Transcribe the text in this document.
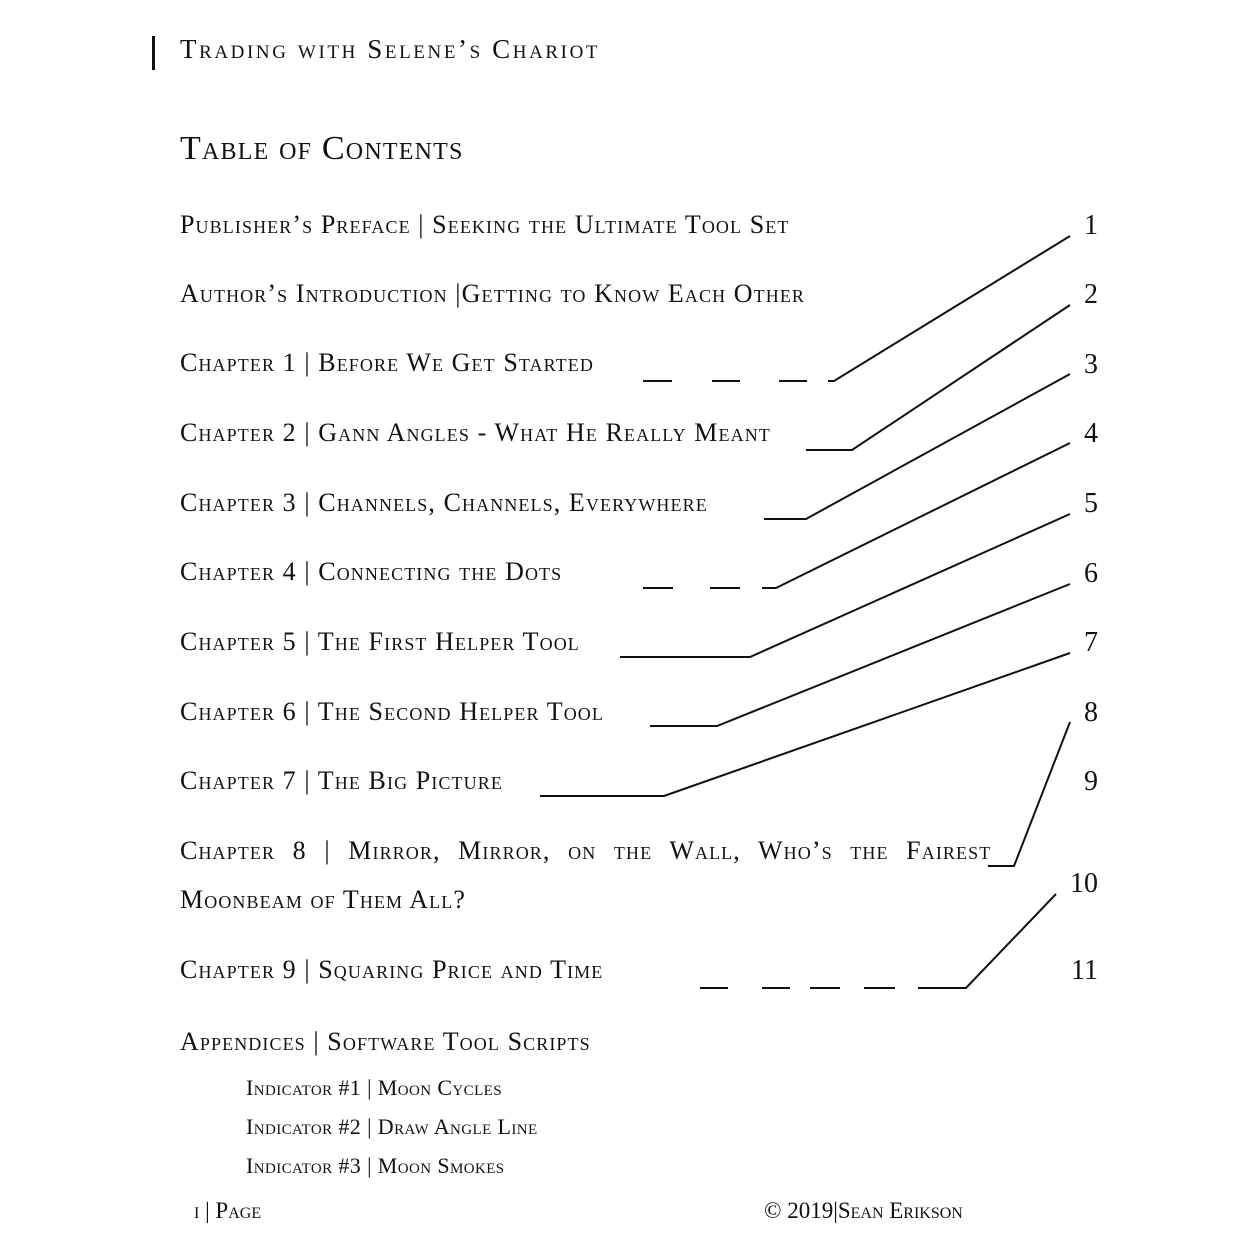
Trading with Selene’s Chariot
Table of Contents
Publisher’s Preface | Seeking the Ultimate Tool Set
Author’s Introduction |Getting to Know Each Other
Chapter 1 | Before We Get Started
Chapter 2 | Gann Angles - What He Really Meant
Chapter 3 | Channels, Channels, Everywhere
Chapter 4 | Connecting the Dots
Chapter 5 | The First Helper Tool
Chapter 6 | The Second Helper Tool
Chapter 7 | The Big Picture
Chapter 8 | Mirror, Mirror, on the Wall, Who’s the Fairest
Moonbeam of Them All?
Chapter 9 | Squaring Price and Time
1
2
3
4
5
6
7
8
9
10
11
Appendices | Software Tool Scripts
Indicator #1 | Moon Cycles
Indicator #2 | Draw Angle Line
Indicator #3 | Moon Smokes
i | Page	© 2019|Sean Erikson
